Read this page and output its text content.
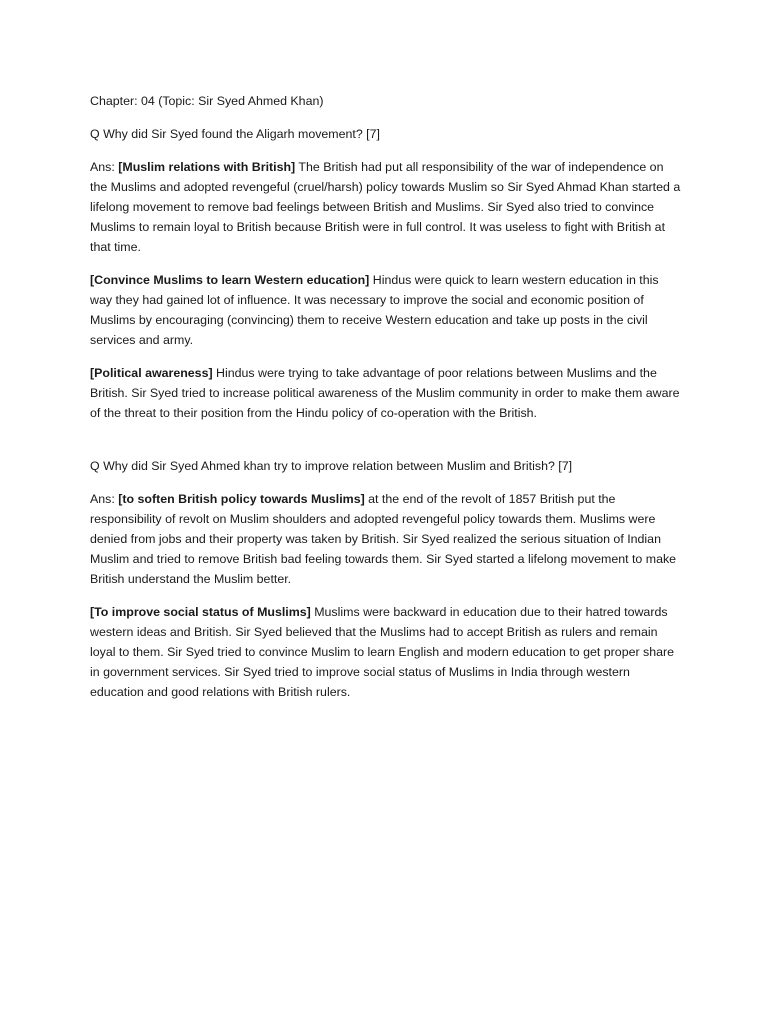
Chapter: 04 (Topic: Sir Syed Ahmed Khan)

Q Why did Sir Syed found the Aligarh movement? [7]

Ans: [Muslim relations with British] The British had put all responsibility of the war of independence on the Muslims and adopted revengeful (cruel/harsh) policy towards Muslim so Sir Syed Ahmad Khan started a lifelong movement to remove bad feelings between British and Muslims. Sir Syed also tried to convince Muslims to remain loyal to British because British were in full control. It was useless to fight with British at that time.

[Convince Muslims to learn Western education] Hindus were quick to learn western education in this way they had gained lot of influence. It was necessary to improve the social and economic position of Muslims by encouraging (convincing) them to receive Western education and take up posts in the civil services and army.

[Political awareness] Hindus were trying to take advantage of poor relations between Muslims and the British. Sir Syed tried to increase political awareness of the Muslim community in order to make them aware of the threat to their position from the Hindu policy of co-operation with the British.

Q Why did Sir Syed Ahmed khan try to improve relation between Muslim and British? [7]

Ans: [to soften British policy towards Muslims] at the end of the revolt of 1857 British put the responsibility of revolt on Muslim shoulders and adopted revengeful policy towards them. Muslims were denied from jobs and their property was taken by British. Sir Syed realized the serious situation of Indian Muslim and tried to remove British bad feeling towards them. Sir Syed started a lifelong movement to make British understand the Muslim better.

[To improve social status of Muslims] Muslims were backward in education due to their hatred towards western ideas and British. Sir Syed believed that the Muslims had to accept British as rulers and remain loyal to them. Sir Syed tried to convince Muslim to learn English and modern education to get proper share in government services. Sir Syed tried to improve social status of Muslims in India through western education and good relations with British rulers.
